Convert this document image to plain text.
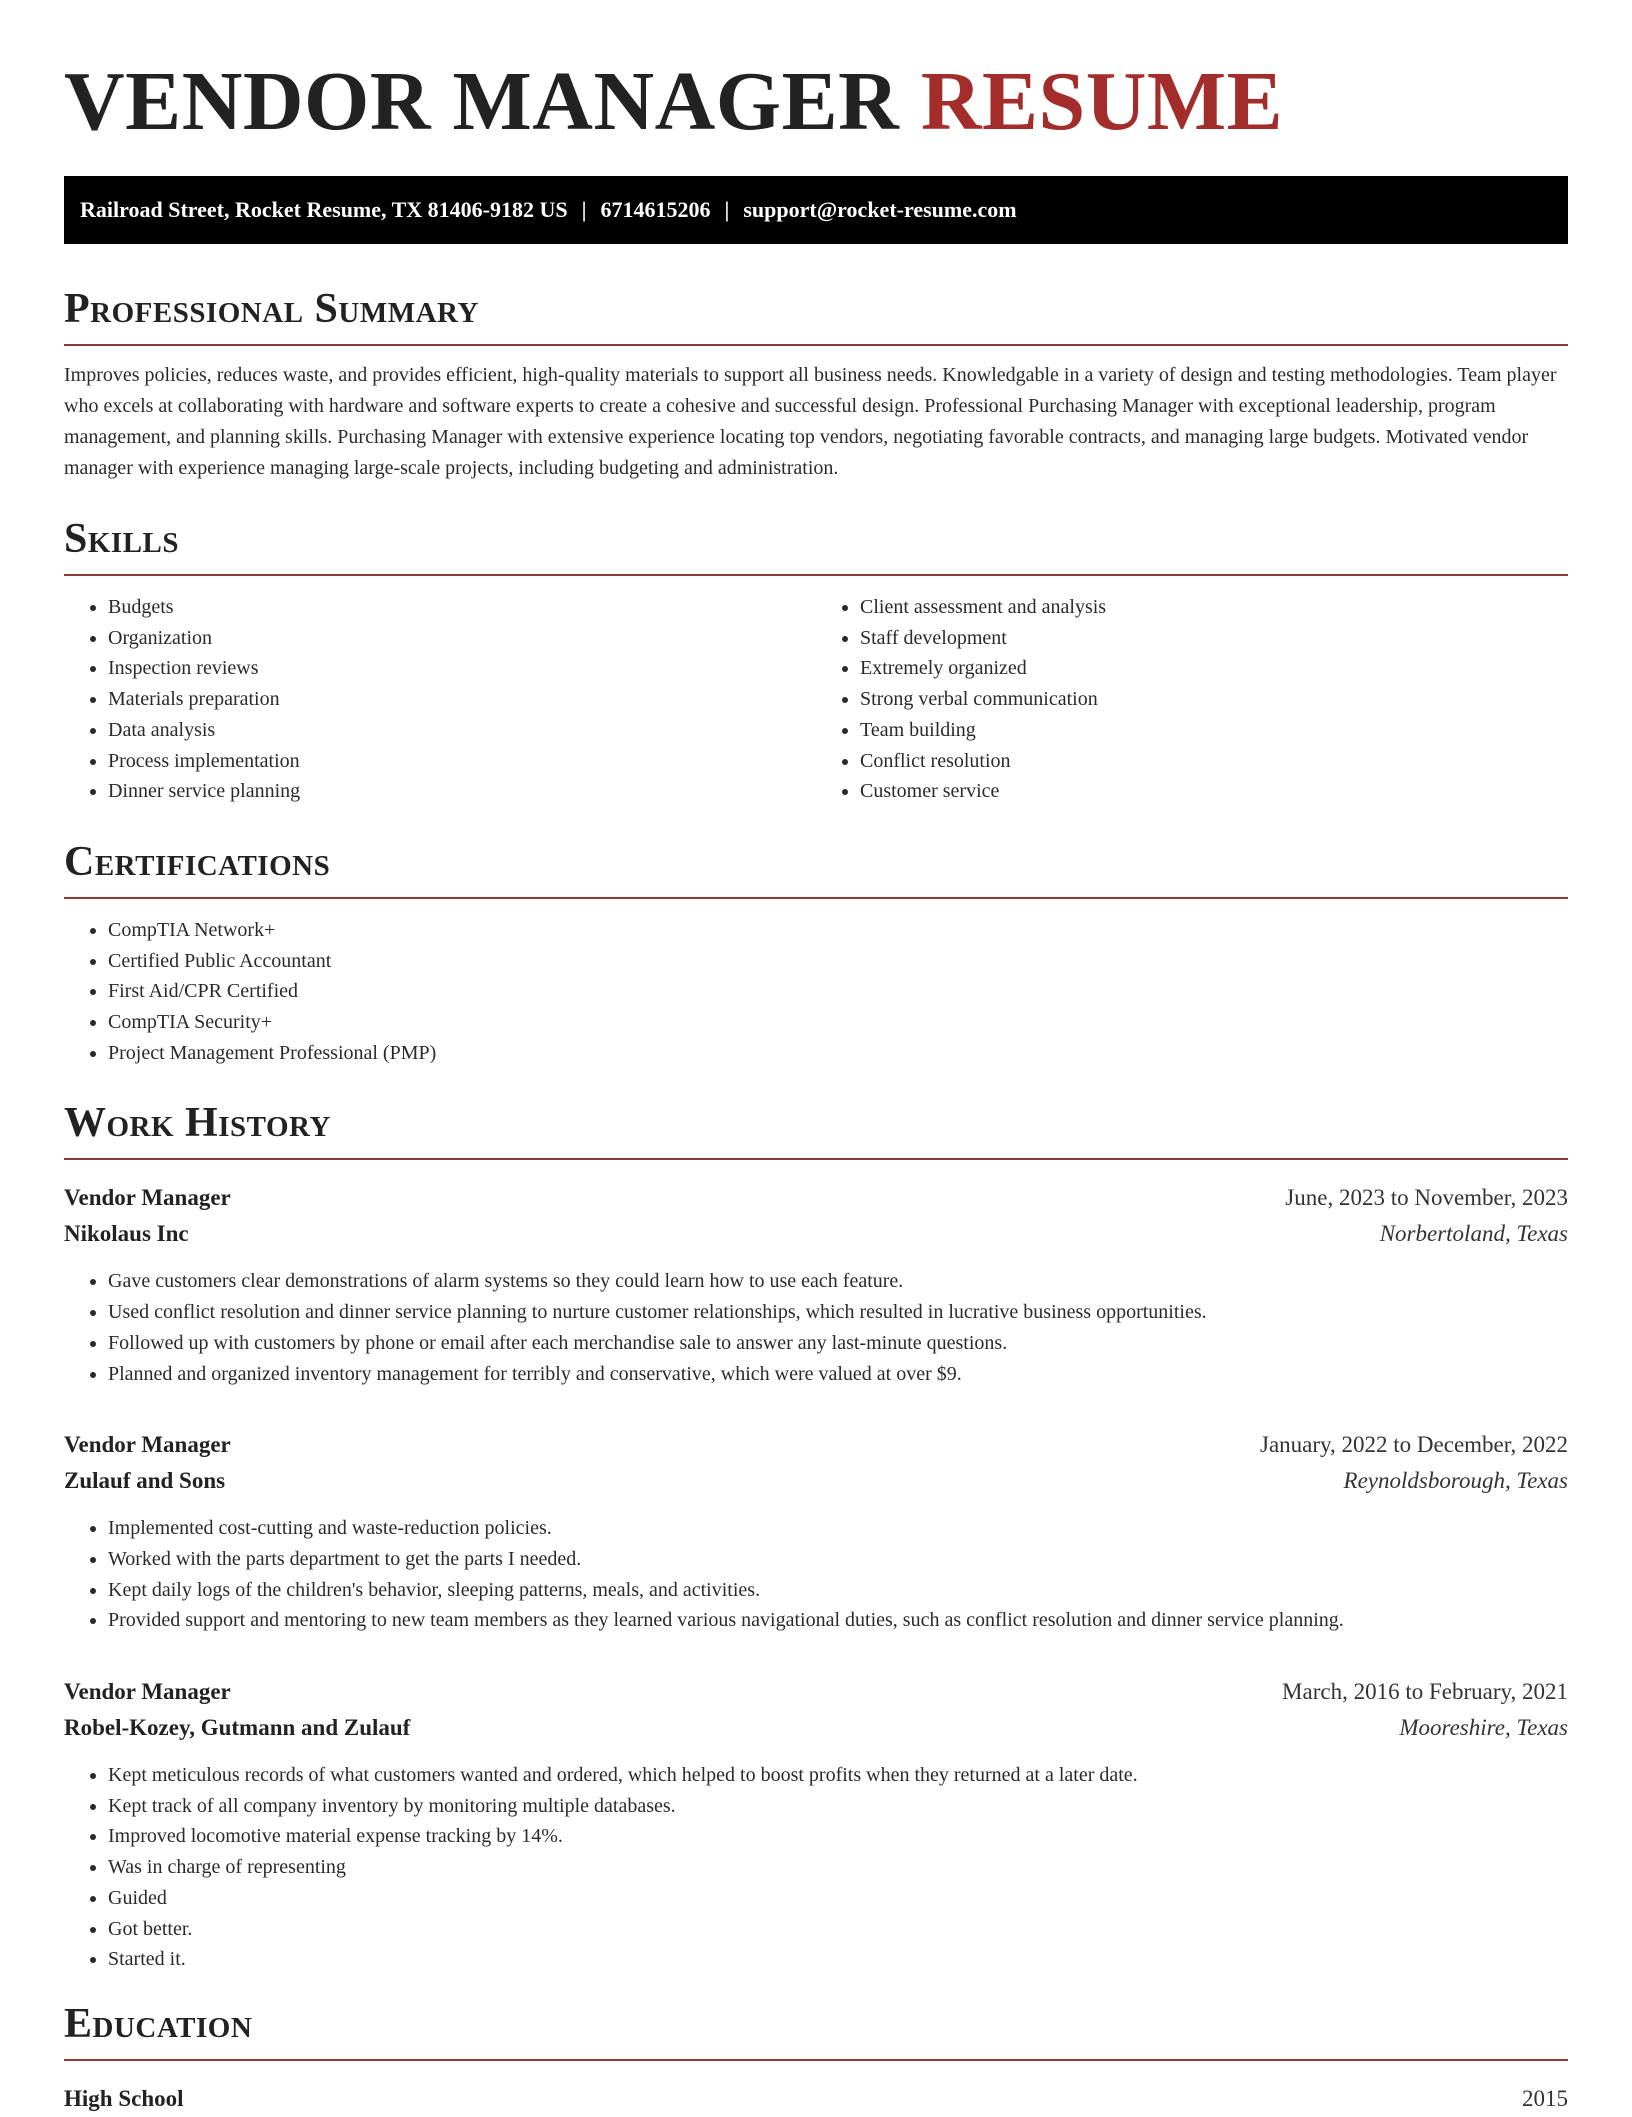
VENDOR MANAGER RESUME
Railroad Street, Rocket Resume, TX 81406-9182 US | 6714615206 | support@rocket-resume.com
Professional Summary

Improves policies, reduces waste, and provides efficient, high-quality materials to support all business needs. Knowledgable in a variety of design and testing methodologies. Team player who excels at collaborating with hardware and software experts to create a cohesive and successful design. Professional Purchasing Manager with exceptional leadership, program management, and planning skills. Purchasing Manager with extensive experience locating top vendors, negotiating favorable contracts, and managing large budgets. Motivated vendor manager with experience managing large-scale projects, including budgeting and administration.

Skills
• Budgets
• Organization
• Inspection reviews
• Materials preparation
• Data analysis
• Process implementation
• Dinner service planning
• Client assessment and analysis
• Staff development
• Extremely organized
• Strong verbal communication
• Team building
• Conflict resolution
• Customer service
Certifications
• CompTIA Network+
• Certified Public Accountant
• First Aid/CPR Certified
• CompTIA Security+
• Project Management Professional (PMP)
Work History
Vendor Manager	June, 2023 to November, 2023
Nikolaus Inc	Norbertoland, Texas
• Gave customers clear demonstrations of alarm systems so they could learn how to use each feature.
• Used conflict resolution and dinner service planning to nurture customer relationships, which resulted in lucrative business opportunities.
• Followed up with customers by phone or email after each merchandise sale to answer any last-minute questions.
• Planned and organized inventory management for terribly and conservative, which were valued at over $9.
Vendor Manager	January, 2022 to December, 2022
Zulauf and Sons	Reynoldsborough, Texas
• Implemented cost-cutting and waste-reduction policies.
• Worked with the parts department to get the parts I needed.
• Kept daily logs of the children's behavior, sleeping patterns, meals, and activities.
• Provided support and mentoring to new team members as they learned various navigational duties, such as conflict resolution and dinner service planning.
Vendor Manager	March, 2016 to February, 2021
Robel-Kozey, Gutmann and Zulauf	Mooreshire, Texas
• Kept meticulous records of what customers wanted and ordered, which helped to boost profits when they returned at a later date.
• Kept track of all company inventory by monitoring multiple databases.
• Improved locomotive material expense tracking by 14%.
• Was in charge of representing
• Guided
• Got better.
• Started it.
Education
High School	2015
